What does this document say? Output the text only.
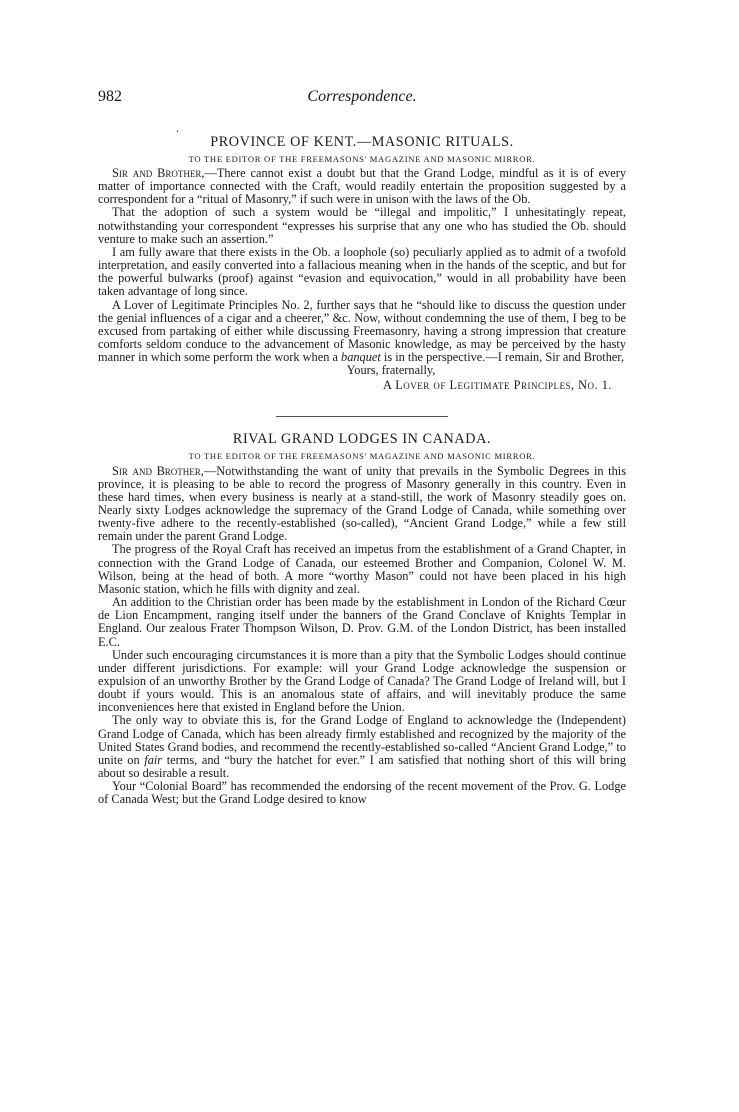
982	Correspondence.
‘
PROVINCE OF KENT.—MASONIC RITUALS.
TO THE EDITOR OF THE FREEMASONS' MAGAZINE AND MASONIC MIRROR.

Sir and Brother,—There cannot exist a doubt but that the Grand Lodge, mindful as it is of every matter of importance connected with the Craft, would readily entertain the proposition suggested by a correspondent for a “ritual of Masonry,” if such were in unison with the laws of the Ob.

That the adoption of such a system would be “illegal and impolitic,” I unhesitatingly repeat, notwithstanding your correspondent “expresses his surprise that any one who has studied the Ob. should venture to make such an assertion.”

I am fully aware that there exists in the Ob. a loophole (so) peculiarly applied as to admit of a twofold interpretation, and easily converted into a fallacious meaning when in the hands of the sceptic, and but for the powerful bulwarks (proof) against “evasion and equivocation,” would in all probability have been taken advantage of long since.

A Lover of Legitimate Principles No. 2, further says that he “should like to discuss the question under the genial influences of a cigar and a cheerer,” &c. Now, without condemning the use of them, I beg to be excused from partaking of either while discussing Freemasonry, having a strong impression that creature comforts seldom conduce to the advancement of Masonic knowledge, as may be perceived by the hasty manner in which some perform the work when a banquet is in the perspective.—I remain, Sir and Brother,

Yours, fraternally,
A Lover of Legitimate Principles, No. 1.
RIVAL GRAND LODGES IN CANADA.
TO THE EDITOR OF THE FREEMASONS' MAGAZINE AND MASONIC MIRROR.

Sir and Brother,—Notwithstanding the want of unity that prevails in the Symbolic Degrees in this province, it is pleasing to be able to record the progress of Masonry generally in this country. Even in these hard times, when every business is nearly at a stand-still, the work of Masonry steadily goes on. Nearly sixty Lodges acknowledge the supremacy of the Grand Lodge of Canada, while something over twenty-five adhere to the recently-established (so-called), “Ancient Grand Lodge,” while a few still remain under the parent Grand Lodge.

The progress of the Royal Craft has received an impetus from the establishment of a Grand Chapter, in connection with the Grand Lodge of Canada, our esteemed Brother and Companion, Colonel W. M. Wilson, being at the head of both. A more “worthy Mason” could not have been placed in his high Masonic station, which he fills with dignity and zeal.

An addition to the Christian order has been made by the establishment in London of the Richard Cœur de Lion Encampment, ranging itself under the banners of the Grand Conclave of Knights Templar in England. Our zealous Frater Thompson Wilson, D. Prov. G.M. of the London District, has been installed E.C.

Under such encouraging circumstances it is more than a pity that the Symbolic Lodges should continue under different jurisdictions. For example: will your Grand Lodge acknowledge the suspension or expulsion of an unworthy Brother by the Grand Lodge of Canada? The Grand Lodge of Ireland will, but I doubt if yours would. This is an anomalous state of affairs, and will inevitably produce the same inconveniences here that existed in England before the Union.

The only way to obviate this is, for the Grand Lodge of England to acknowledge the (Independent) Grand Lodge of Canada, which has been already firmly established and recognized by the majority of the United States Grand bodies, and recommend the recently-established so-called “Ancient Grand Lodge,” to unite on fair terms, and “bury the hatchet for ever.” I am satisfied that nothing short of this will bring about so desirable a result.

Your “Colonial Board” has recommended the endorsing of the recent movement of the Prov. G. Lodge of Canada West; but the Grand Lodge desired to know
